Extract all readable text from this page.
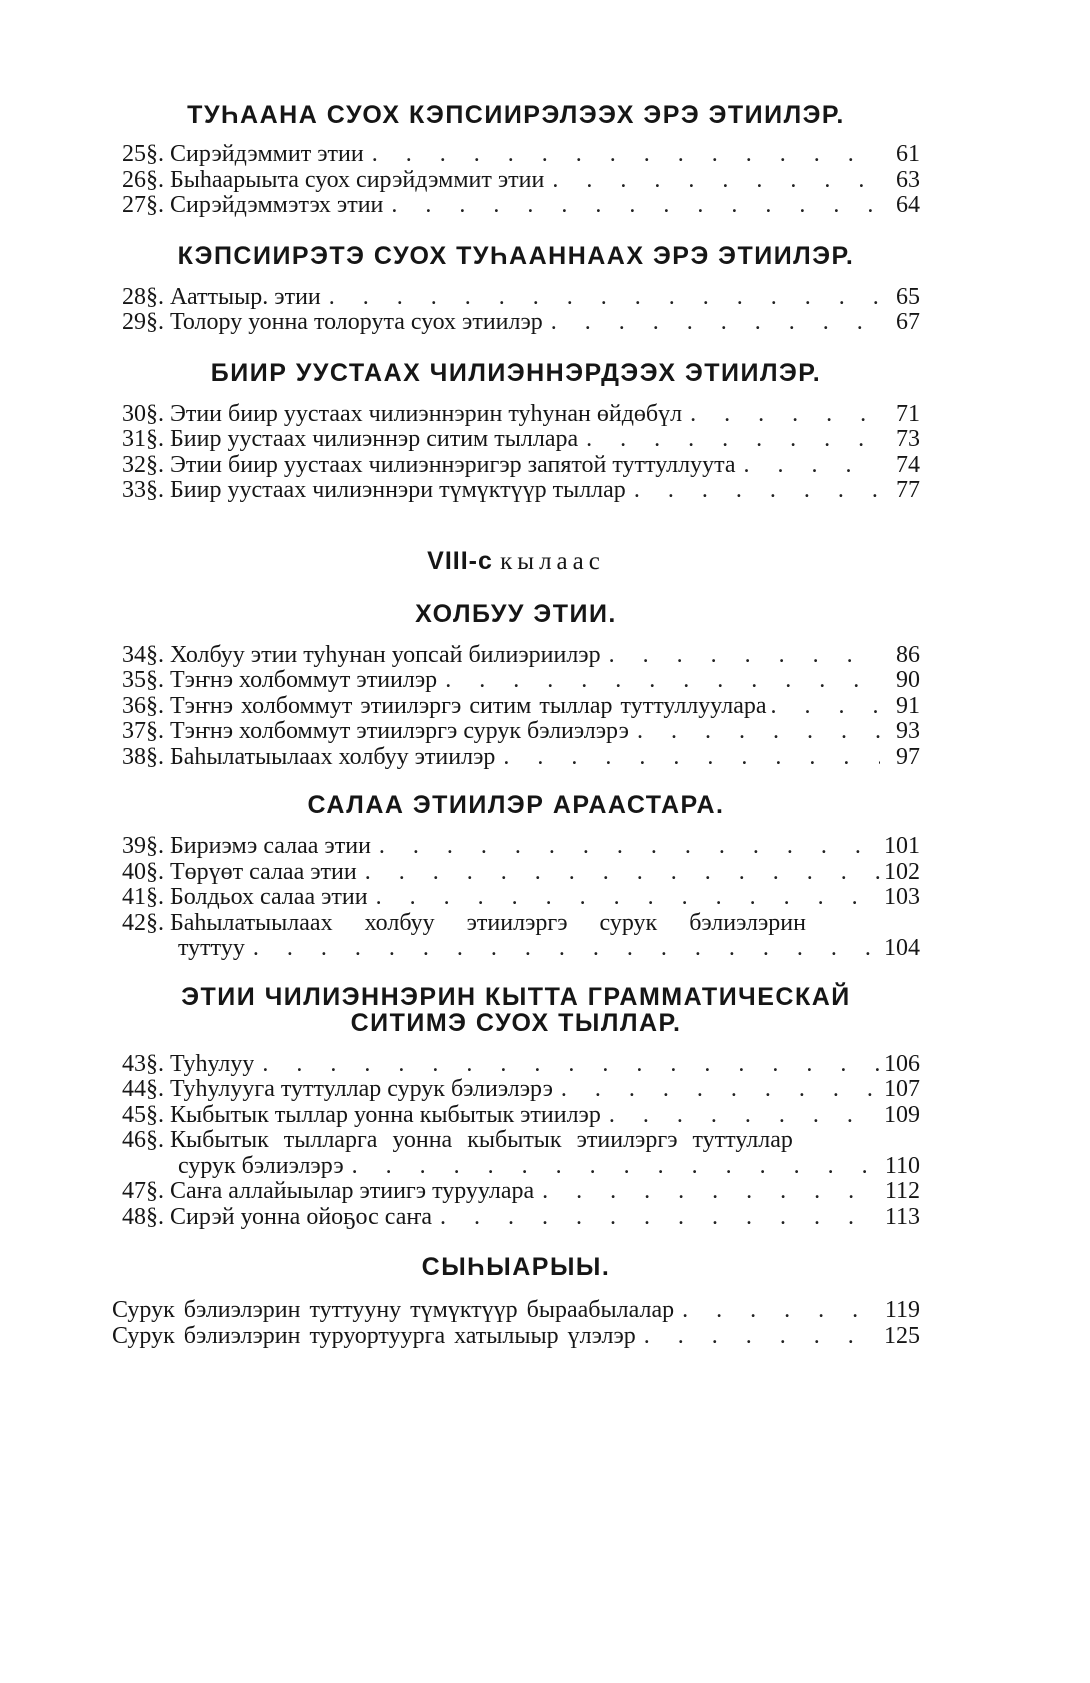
ТУҺААНА СУОХ КЭПСИИРЭЛЭЭХ ЭРЭ ЭТИИЛЭР.
25 §. Сирэйдэммит этии . . .	61
26 §. Быһаарыыта суох сирэйдэммит этии . . .	63
27 §. Сирэйдэммэтэх этии . . .	64
КЭПСИИРЭТЭ СУОХ ТУҺААННААХ ЭРЭ ЭТИИЛЭР.
28 §. Ааттыыр. этии . . .	65
29 §. Толору уонна толорута суох этиилэр . . .	67
БИИР УУСТААХ ЧИЛИЭННЭРДЭЭХ ЭТИИЛЭР.
30 §. Этии биир уустаах чилиэннэрин туһунан өйдөбүл . . .	71
31 §. Биир уустаах чилиэннэр ситим тыллара . . .	73
32 §. Этии биир уустаах чилиэннэригэр запятой туттуллуута . . .	74
33 §. Биир уустаах чилиэннэри түмүктүүр тыллар . . .	77
VIII-с кылаас
ХОЛБУУ ЭТИИ.
34 §. Холбуу этии туһунан уопсай билиэриилэр . . .	86
35 §. Тэҥнэ холбоммут этиилэр . . .	90
36 §. Тэҥнэ холбоммут этиилэргэ ситим тыллар туттуллуулара . . .	91
37 §. Тэҥнэ холбоммут этиилэргэ сурук бэлиэлэрэ . . .	93
38 §. Баһылатыылаах холбуу этиилэр . . .	97
САЛАА ЭТИИЛЭР АРААСТАРА.
39 §. Бириэмэ салаа этии . . .	101
40 §. Төрүөт салаа этии . . .	102
41 §. Болдьох салаа этии . . .	103
42 §. Баһылатыылаах холбуу этиилэргэ сурук бэлиэлэрин
туттуу . . .	104
ЭТИИ ЧИЛИЭННЭРИН КЫТТА ГРАММАТИЧЕСКАЙ
СИТИМЭ СУОХ ТЫЛЛАР.
43 §. Туһулуу . . .	106
44 §. Туһулууга туттуллар сурук бэлиэлэрэ . . .	107
45 §. Кыбытык тыллар уонна кыбытык этиилэр . . .	109
46 §. Кыбытык тылларга уонна кыбытык этиилэргэ туттуллар
сурук бэлиэлэрэ . . .	110
47 §. Саҥа аллайыылар этиигэ туруулара . . .	112
48 §. Сирэй уонна ойоҕос саҥа . . .	113
СЫҺЫАРЫЫ.
Сурук бэлиэлэрин туттууну түмүктүүр быраабылалар . . .	119
Сурук бэлиэлэрин туруортуурга хатылыыр үлэлэр . . .	125
